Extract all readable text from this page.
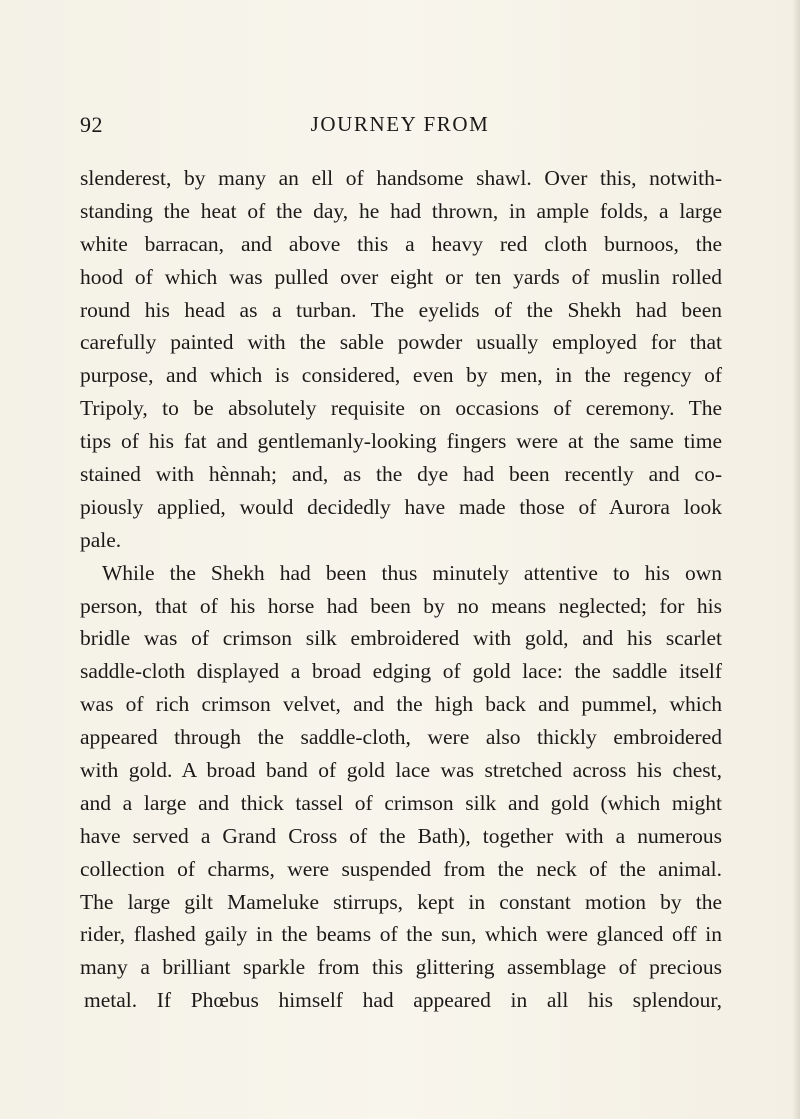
92	JOURNEY FROM
slenderest, by many an ell of handsome shawl. Over this, notwith-
standing the heat of the day, he had thrown, in ample folds, a large
white barracan, and above this a heavy red cloth burnoos, the
hood of which was pulled over eight or ten yards of muslin rolled
round his head as a turban. The eyelids of the Shekh had been
carefully painted with the sable powder usually employed for that
purpose, and which is considered, even by men, in the regency of
Tripoly, to be absolutely requisite on occasions of ceremony. The
tips of his fat and gentlemanly-looking fingers were at the same time
stained with hènnah; and, as the dye had been recently and co-
piously applied, would decidedly have made those of Aurora look
pale.
While the Shekh had been thus minutely attentive to his own
person, that of his horse had been by no means neglected; for his
bridle was of crimson silk embroidered with gold, and his scarlet
saddle-cloth displayed a broad edging of gold lace: the saddle itself
was of rich crimson velvet, and the high back and pummel, which
appeared through the saddle-cloth, were also thickly embroidered
with gold. A broad band of gold lace was stretched across his chest,
and a large and thick tassel of crimson silk and gold (which might
have served a Grand Cross of the Bath), together with a numerous
collection of charms, were suspended from the neck of the animal.
The large gilt Mameluke stirrups, kept in constant motion by the
rider, flashed gaily in the beams of the sun, which were glanced off in
many a brilliant sparkle from this glittering assemblage of precious
metal. If Phœbus himself had appeared in all his splendour,
